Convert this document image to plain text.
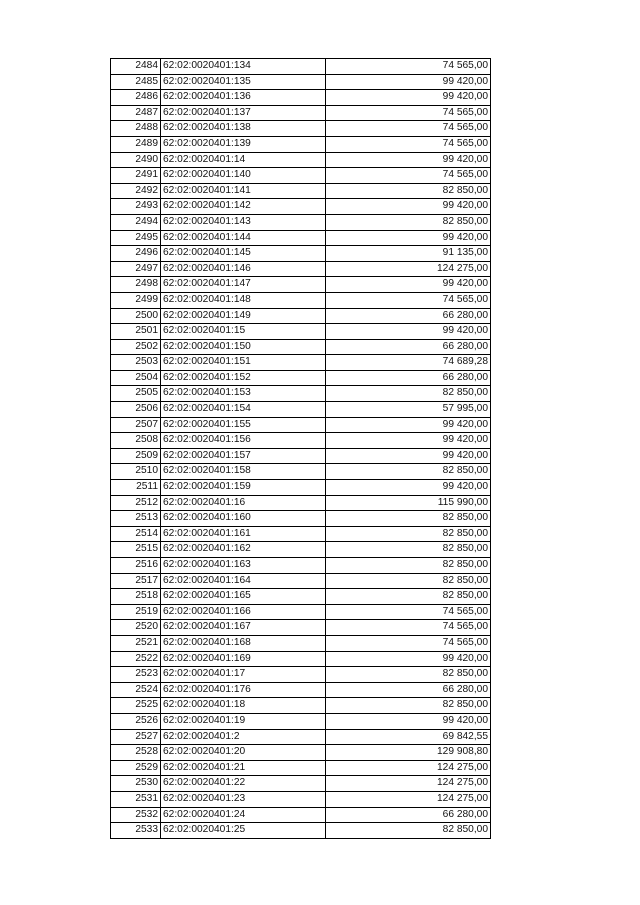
2484	62:02:0020401:134	74 565,00
2485	62:02:0020401:135	99 420,00
2486	62:02:0020401:136	99 420,00
2487	62:02:0020401:137	74 565,00
2488	62:02:0020401:138	74 565,00
2489	62:02:0020401:139	74 565,00
2490	62:02:0020401:14	99 420,00
2491	62:02:0020401:140	74 565,00
2492	62:02:0020401:141	82 850,00
2493	62:02:0020401:142	99 420,00
2494	62:02:0020401:143	82 850,00
2495	62:02:0020401:144	99 420,00
2496	62:02:0020401:145	91 135,00
2497	62:02:0020401:146	124 275,00
2498	62:02:0020401:147	99 420,00
2499	62:02:0020401:148	74 565,00
2500	62:02:0020401:149	66 280,00
2501	62:02:0020401:15	99 420,00
2502	62:02:0020401:150	66 280,00
2503	62:02:0020401:151	74 689,28
2504	62:02:0020401:152	66 280,00
2505	62:02:0020401:153	82 850,00
2506	62:02:0020401:154	57 995,00
2507	62:02:0020401:155	99 420,00
2508	62:02:0020401:156	99 420,00
2509	62:02:0020401:157	99 420,00
2510	62:02:0020401:158	82 850,00
2511	62:02:0020401:159	99 420,00
2512	62:02:0020401:16	115 990,00
2513	62:02:0020401:160	82 850,00
2514	62:02:0020401:161	82 850,00
2515	62:02:0020401:162	82 850,00
2516	62:02:0020401:163	82 850,00
2517	62:02:0020401:164	82 850,00
2518	62:02:0020401:165	82 850,00
2519	62:02:0020401:166	74 565,00
2520	62:02:0020401:167	74 565,00
2521	62:02:0020401:168	74 565,00
2522	62:02:0020401:169	99 420,00
2523	62:02:0020401:17	82 850,00
2524	62:02:0020401:176	66 280,00
2525	62:02:0020401:18	82 850,00
2526	62:02:0020401:19	99 420,00
2527	62:02:0020401:2	69 842,55
2528	62:02:0020401:20	129 908,80
2529	62:02:0020401:21	124 275,00
2530	62:02:0020401:22	124 275,00
2531	62:02:0020401:23	124 275,00
2532	62:02:0020401:24	66 280,00
2533	62:02:0020401:25	82 850,00
